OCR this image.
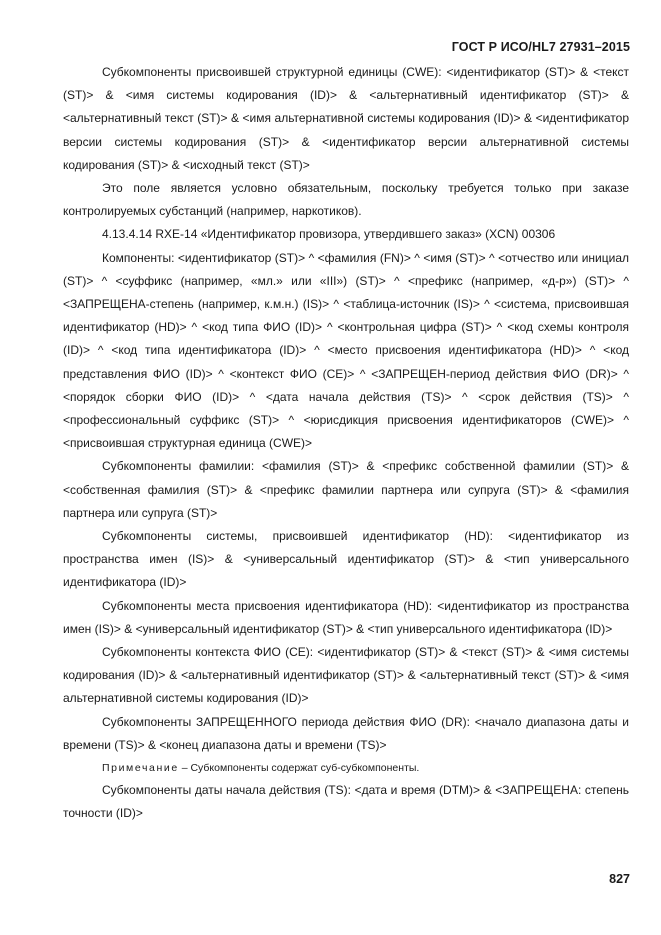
ГОСТ Р ИСО/HL7 27931–2015

Субкомпоненты присвоившей структурной единицы (CWE): <идентификатор (ST)> & <текст (ST)> & <имя системы кодирования (ID)> & <альтернативный идентификатор (ST)> & <альтернативный текст (ST)> & <имя альтернативной системы кодирования (ID)> & <идентификатор версии системы кодирования (ST)> & <идентификатор версии альтернативной системы кодирования (ST)> & <исходный текст (ST)>

Это поле является условно обязательным, поскольку требуется только при заказе контролируемых субстанций (например, наркотиков).

4.13.4.14 RXE-14 «Идентификатор провизора, утвердившего заказ» (XCN) 00306

Компоненты: <идентификатор (ST)> ^ <фамилия (FN)> ^ <имя (ST)> ^ <отчество или инициал (ST)> ^ <суффикс (например, «мл.» или «III») (ST)> ^ <префикс (например, «д-р») (ST)> ^ <ЗАПРЕЩЕНА-степень (например, к.м.н.) (IS)> ^ <таблица-источник (IS)> ^ <система, присвоившая идентификатор (HD)> ^ <код типа ФИО (ID)> ^ <контрольная цифра (ST)> ^ <код схемы контроля (ID)> ^ <код типа идентификатора (ID)> ^ <место присвоения идентификатора (HD)> ^ <код представления ФИО (ID)> ^ <контекст ФИО (CE)> ^ <ЗАПРЕЩЕН-период действия ФИО (DR)> ^ <порядок сборки ФИО (ID)> ^ <дата начала действия (TS)> ^ <срок действия (TS)> ^ <профессиональный суффикс (ST)> ^ <юрисдикция присвоения идентификаторов (CWE)> ^ <присвоившая структурная единица (CWE)>

Субкомпоненты фамилии: <фамилия (ST)> & <префикс собственной фамилии (ST)> & <собственная фамилия (ST)> & <префикс фамилии партнера или супруга (ST)> & <фамилия партнера или супруга (ST)>

Субкомпоненты системы, присвоившей идентификатор (HD): <идентификатор из пространства имен (IS)> & <универсальный идентификатор (ST)> & <тип универсального идентификатора (ID)>

Субкомпоненты места присвоения идентификатора (HD): <идентификатор из пространства имен (IS)> & <универсальный идентификатор (ST)> & <тип универсального идентификатора (ID)>

Субкомпоненты контекста ФИО (CE): <идентификатор (ST)> & <текст (ST)> & <имя системы кодирования (ID)> & <альтернативный идентификатор (ST)> & <альтернативный текст (ST)> & <имя альтернативной системы кодирования (ID)>

Субкомпоненты ЗАПРЕЩЕННОГО периода действия ФИО (DR): <начало диапазона даты и времени (TS)> & <конец диапазона даты и времени (TS)>

Примечание – Субкомпоненты содержат суб-субкомпоненты.

Субкомпоненты даты начала действия (TS): <дата и время (DTM)> & <ЗАПРЕЩЕНА: степень точности (ID)>

827
